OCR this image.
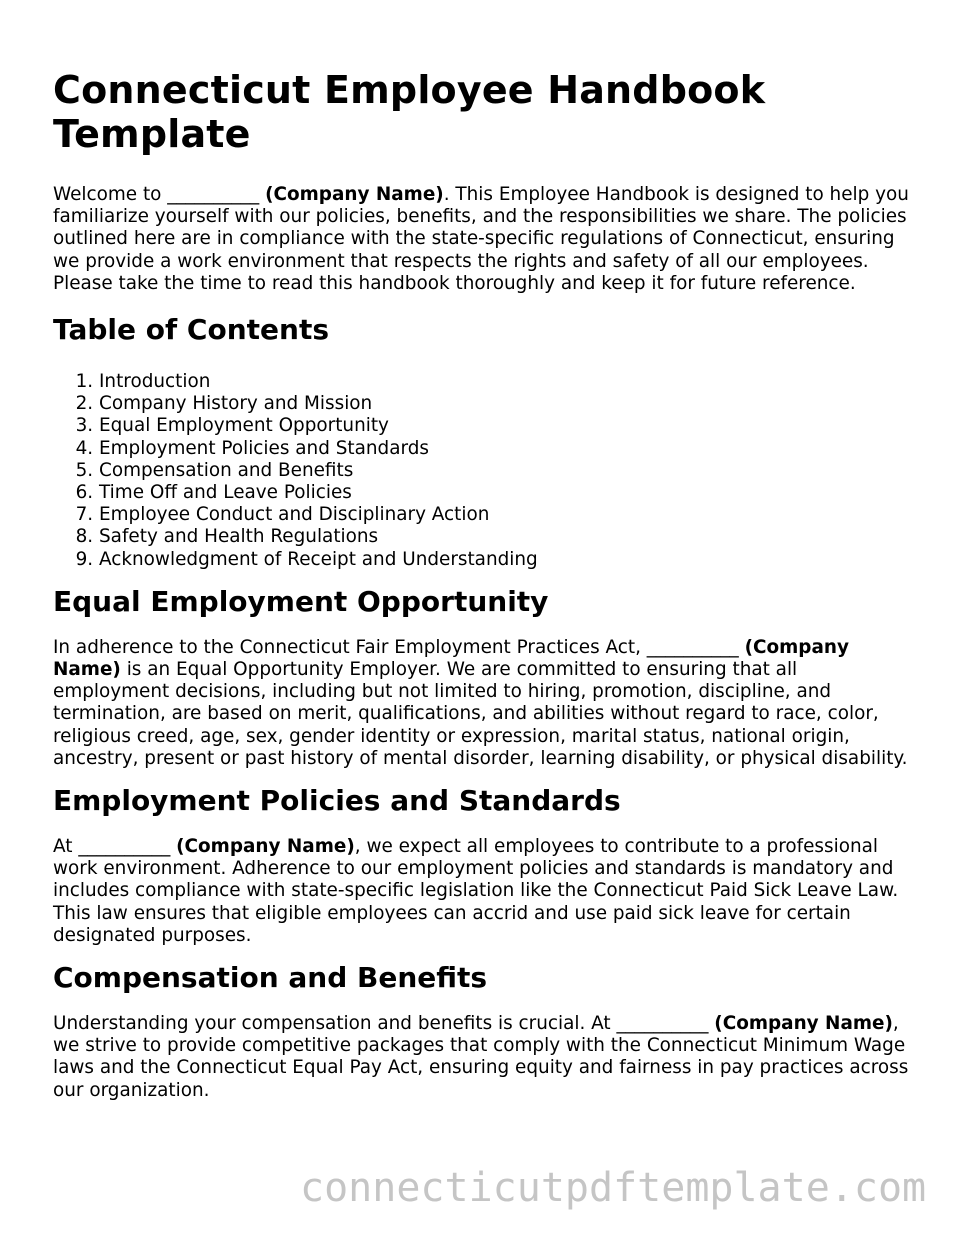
Connecticut Employee Handbook Template

Welcome to __________ (Company Name). This Employee Handbook is designed to help you familiarize yourself with our policies, benefits, and the responsibilities we share. The policies outlined here are in compliance with the state-specific regulations of Connecticut, ensuring we provide a work environment that respects the rights and safety of all our employees. Please take the time to read this handbook thoroughly and keep it for future reference.

Table of Contents
1. Introduction
2. Company History and Mission
3. Equal Employment Opportunity
4. Employment Policies and Standards
5. Compensation and Benefits
6. Time Off and Leave Policies
7. Employee Conduct and Disciplinary Action
8. Safety and Health Regulations
9. Acknowledgment of Receipt and Understanding
Equal Employment Opportunity

In adherence to the Connecticut Fair Employment Practices Act, __________ (Company Name) is an Equal Opportunity Employer. We are committed to ensuring that all employment decisions, including but not limited to hiring, promotion, discipline, and termination, are based on merit, qualifications, and abilities without regard to race, color, religious creed, age, sex, gender identity or expression, marital status, national origin, ancestry, present or past history of mental disorder, learning disability, or physical disability.

Employment Policies and Standards

At __________ (Company Name), we expect all employees to contribute to a professional work environment. Adherence to our employment policies and standards is mandatory and includes compliance with state-specific legislation like the Connecticut Paid Sick Leave Law. This law ensures that eligible employees can accrid and use paid sick leave for certain designated purposes.

Compensation and Benefits

Understanding your compensation and benefits is crucial. At __________ (Company Name), we strive to provide competitive packages that comply with the Connecticut Minimum Wage laws and the Connecticut Equal Pay Act, ensuring equity and fairness in pay practices across our organization.

connecticutpdftemplate.com
